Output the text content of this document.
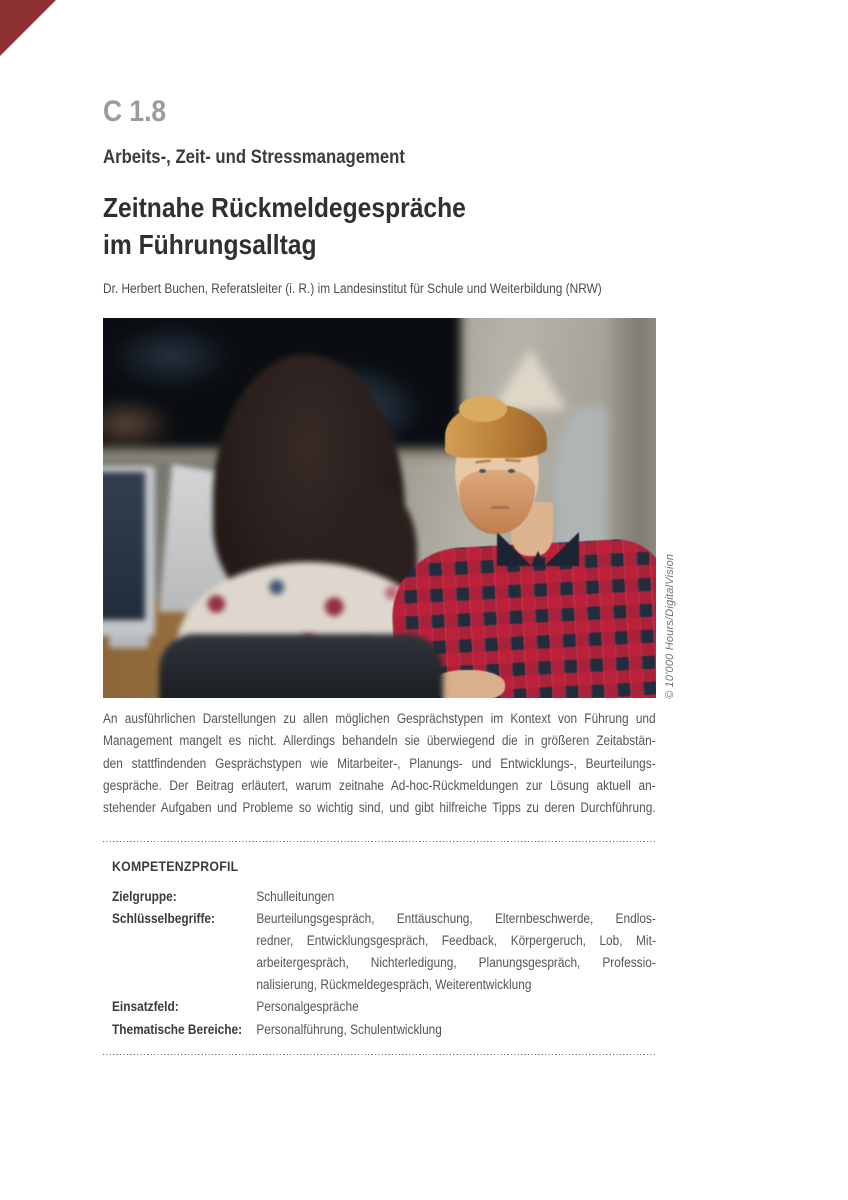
C 1.8
Arbeits-, Zeit- und Stressmanagement
Zeitnahe Rückmeldegespräche
im Führungsalltag
Dr. Herbert Buchen, Referatsleiter (i. R.) im Landesinstitut für Schule und Weiterbildung (NRW)
© 10'000 Hours/DigitalVision
An ausführlichen Darstellungen zu allen möglichen Gesprächstypen im Kontext von Führung und
Management mangelt es nicht. Allerdings behandeln sie überwiegend die in größeren Zeitabstän-
den stattfindenden Gesprächstypen wie Mitarbeiter-, Planungs- und Entwicklungs-, Beurteilungs-
gespräche. Der Beitrag erläutert, warum zeitnahe Ad-hoc-Rückmeldungen zur Lösung aktuell an-
stehender Aufgaben und Probleme so wichtig sind, und gibt hilfreiche Tipps zu deren Durchführung.
KOMPETENZPROFIL
Zielgruppe:	Schulleitungen
Schlüsselbegriffe:	Beurteilungsgespräch, Enttäuschung, Elternbeschwerde, Endlos-
redner, Entwicklungsgespräch, Feedback, Körpergeruch, Lob, Mit-
arbeitergespräch, Nichterledigung, Planungsgespräch, Professio-
nalisierung, Rückmeldegespräch, Weiterentwicklung
Einsatzfeld:	Personalgespräche
Thematische Bereiche:	Personalführung, Schulentwicklung
